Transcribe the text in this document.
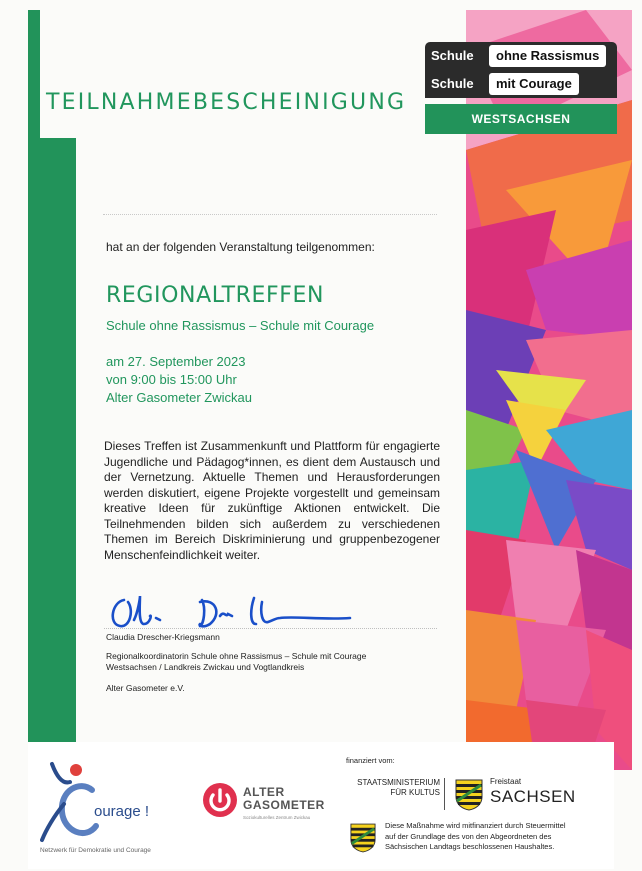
TEILNAHMEBESCHEINIGUNG
Schule	ohne Rassismus
Schule	mit Courage
WESTSACHSEN
hat an der folgenden Veranstaltung teilgenommen:
REGIONALTREFFEN
Schule ohne Rassismus – Schule mit Courage
am 27. September 2023
von 9:00 bis 15:00 Uhr
Alter Gasometer Zwickau
Dieses Treffen ist Zusammenkunft und Plattform für engagierte Jugendliche und Pädagog*innen, es dient dem Austausch und der Vernetzung. Aktuelle Themen und Herausforderungen werden diskutiert, eigene Projekte vorgestellt und gemeinsam kreative Ideen für zukünftige Aktionen entwickelt. Die Teilnehmenden bilden sich außerdem zu verschiedenen Themen im Bereich Diskriminierung und gruppenbezogener Menschenfeindlichkeit weiter.
Claudia Drescher-Kriegsmann
Regionalkoordinatorin Schule ohne Rassismus – Schule mit Courage
Westsachsen / Landkreis Zwickau und Vogtlandkreis
Alter Gasometer e.V.
ourage !
Netzwerk für Demokratie und Courage
ALTER
GASOMETER
Soziokulturelles Zentrum Zwickau
finanziert vom:
STAATSMINISTERIUM
FÜR KULTUS
Freistaat
SACHSEN
Diese Maßnahme wird mitfinanziert durch Steuermittel
auf der Grundlage des von den Abgeordneten des
Sächsischen Landtags beschlossenen Haushaltes.
